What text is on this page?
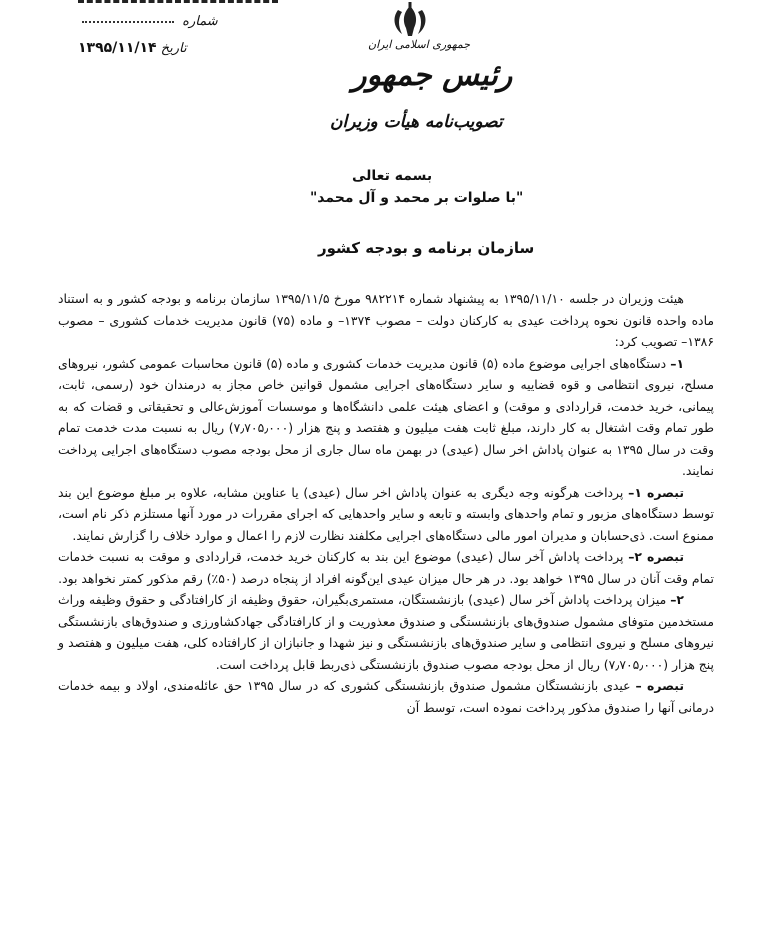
شماره
تاریخ ۱۳۹۵/۱۱/۱۴	جمهوری اسلامی ایران
رئیس جمهور
تصویب‌نامه هیأت وزیران
بسمه تعالی
"با صلوات بر محمد و آل محمد"
سازمان برنامه و بودجه کشور

هیئت وزیران در جلسه ۱۳۹۵/۱۱/۱۰ به پیشنهاد شماره ۹۸۲۲۱۴ مورخ ۱۳۹۵/۱۱/۵ سازمان برنامه و بودجه کشور و به استناد ماده واحده قانون نحوه پرداخت عیدی به کارکنان دولت – مصوب ۱۳۷۴– و ماده (۷۵) قانون مدیریت خدمات کشوری – مصوب ۱۳۸۶– تصویب کرد:

۱– دستگاه‌های اجرایی موضوع ماده (۵) قانون مدیریت خدمات کشوری و ماده (۵) قانون محاسبات عمومی کشور، نیروهای مسلح، نیروی انتظامی و قوه قضاییه و سایر دستگاه‌های اجرایی مشمول قوانین خاص مجاز به درمندان خود (رسمی، ثابت، پیمانی، خرید خدمت، قراردادی و موقت) و اعضای هیئت علمی دانشگاه‌ها و موسسات آموزش‌عالی و تحقیقاتی و قضات که به طور تمام وقت اشتغال به کار دارند، مبلغ ثابت هفت میلیون و هفتصد و پنج هزار (۷٫۷۰۵٫۰۰۰) ریال به نسبت مدت خدمت تمام وقت در سال ۱۳۹۵ به عنوان پاداش اخر سال (عیدی) در بهمن ماه سال جاری از محل بودجه مصوب دستگاه‌های اجرایی پرداخت نمایند.

تبصره ۱– پرداخت هرگونه وجه دیگری به عنوان پاداش اخر سال (عیدی) یا عناوین مشابه، علاوه بر مبلغ موضوع این بند توسط دستگاه‌های مزبور و تمام واحدهای وابسته و تابعه و سایر واحدهایی که اجرای مقررات در مورد آنها مستلزم ذکر نام است، ممنوع است. ذی‌حسابان و مدیران امور مالی دستگاه‌های اجرایی مکلفند نظارت لازم را اعمال و موارد خلاف را گزارش نمایند.

تبصره ۲– پرداخت پاداش آخر سال (عیدی) موضوع این بند به کارکنان خرید خدمت، قراردادی و موقت به نسبت خدمات تمام وقت آنان در سال ۱۳۹۵ خواهد بود. در هر حال میزان عیدی این‌گونه افراد از پنجاه درصد (۵۰٪) رقم مذکور کمتر نخواهد بود.

۲– میزان پرداخت پاداش آخر سال (عیدی) بازنشستگان، مستمری‌بگیران، حقوق وظیفه از کارافتادگی و حقوق وظیفه وراث مستخدمین متوفای مشمول صندوق‌های بازنشستگی و صندوق معذوریت و از کارافتادگی جهادکشاورزی و صندوق‌های بازنشستگی نیروهای مسلح و نیروی انتظامی و سایر صندوق‌های بازنشستگی و نیز شهدا و جانبازان از کارافتاده کلی، هفت میلیون و هفتصد و پنج هزار (۷٫۷۰۵٫۰۰۰) ریال از محل بودجه مصوب صندوق بازنشستگی ذی‌ربط قابل پرداخت است.

تبصره – عیدی بازنشستگان مشمول صندوق بازنشستگی کشوری که در سال ۱۳۹۵ حق عائله‌مندی، اولاد و بیمه خدمات درمانی آنها را صندوق مذکور پرداخت نموده است، توسط آن
